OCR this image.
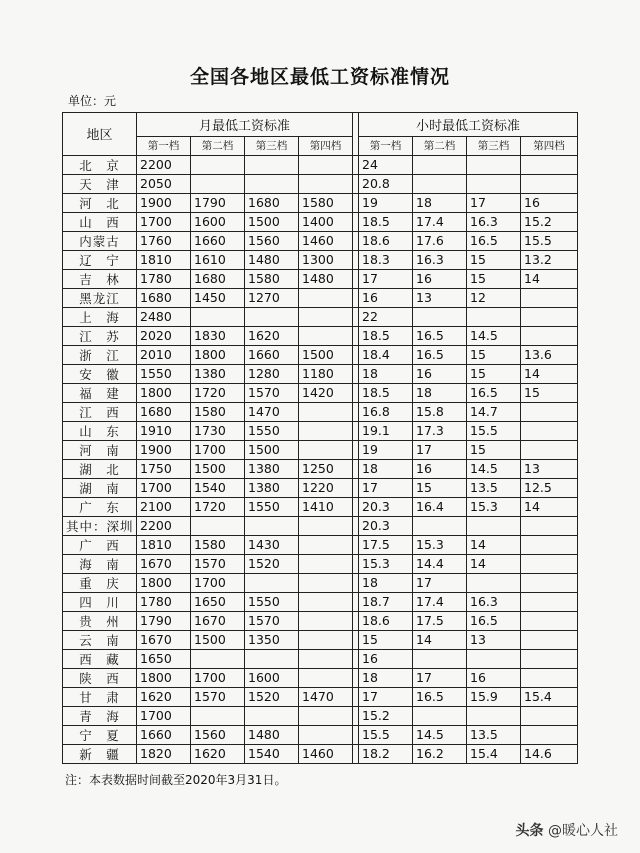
全国各地区最低工资标准情况
单位：元
地区	月最低工资标准					小时最低工资标准			
	第一档	第二档	第三档	第四档		第一档	第二档	第三档	第四档
北　京	2200					24			
天　津	2050					20.8			
河　北	1900	1790	1680	1580		19	18	17	16
山　西	1700	1600	1500	1400		18.5	17.4	16.3	15.2
内蒙古	1760	1660	1560	1460		18.6	17.6	16.5	15.5
辽　宁	1810	1610	1480	1300		18.3	16.3	15	13.2
吉　林	1780	1680	1580	1480		17	16	15	14
黑龙江	1680	1450	1270			16	13	12	
上　海	2480					22			
江　苏	2020	1830	1620			18.5	16.5	14.5	
浙　江	2010	1800	1660	1500		18.4	16.5	15	13.6
安　徽	1550	1380	1280	1180		18	16	15	14
福　建	1800	1720	1570	1420		18.5	18	16.5	15
江　西	1680	1580	1470			16.8	15.8	14.7	
山　东	1910	1730	1550			19.1	17.3	15.5	
河　南	1900	1700	1500			19	17	15	
湖　北	1750	1500	1380	1250		18	16	14.5	13
湖　南	1700	1540	1380	1220		17	15	13.5	12.5
广　东	2100	1720	1550	1410		20.3	16.4	15.3	14
其中：深圳	2200					20.3			
广　西	1810	1580	1430			17.5	15.3	14	
海　南	1670	1570	1520			15.3	14.4	14	
重　庆	1800	1700				18	17		
四　川	1780	1650	1550			18.7	17.4	16.3	
贵　州	1790	1670	1570			18.6	17.5	16.5	
云　南	1670	1500	1350			15	14	13	
西　藏	1650					16			
陕　西	1800	1700	1600			18	17	16	
甘　肃	1620	1570	1520	1470		17	16.5	15.9	15.4
青　海	1700					15.2			
宁　夏	1660	1560	1480			15.5	14.5	13.5	
新　疆	1820	1620	1540	1460		18.2	16.2	15.4	14.6
注：本表数据时间截至2020年3月31日。
头条 @暖心人社
